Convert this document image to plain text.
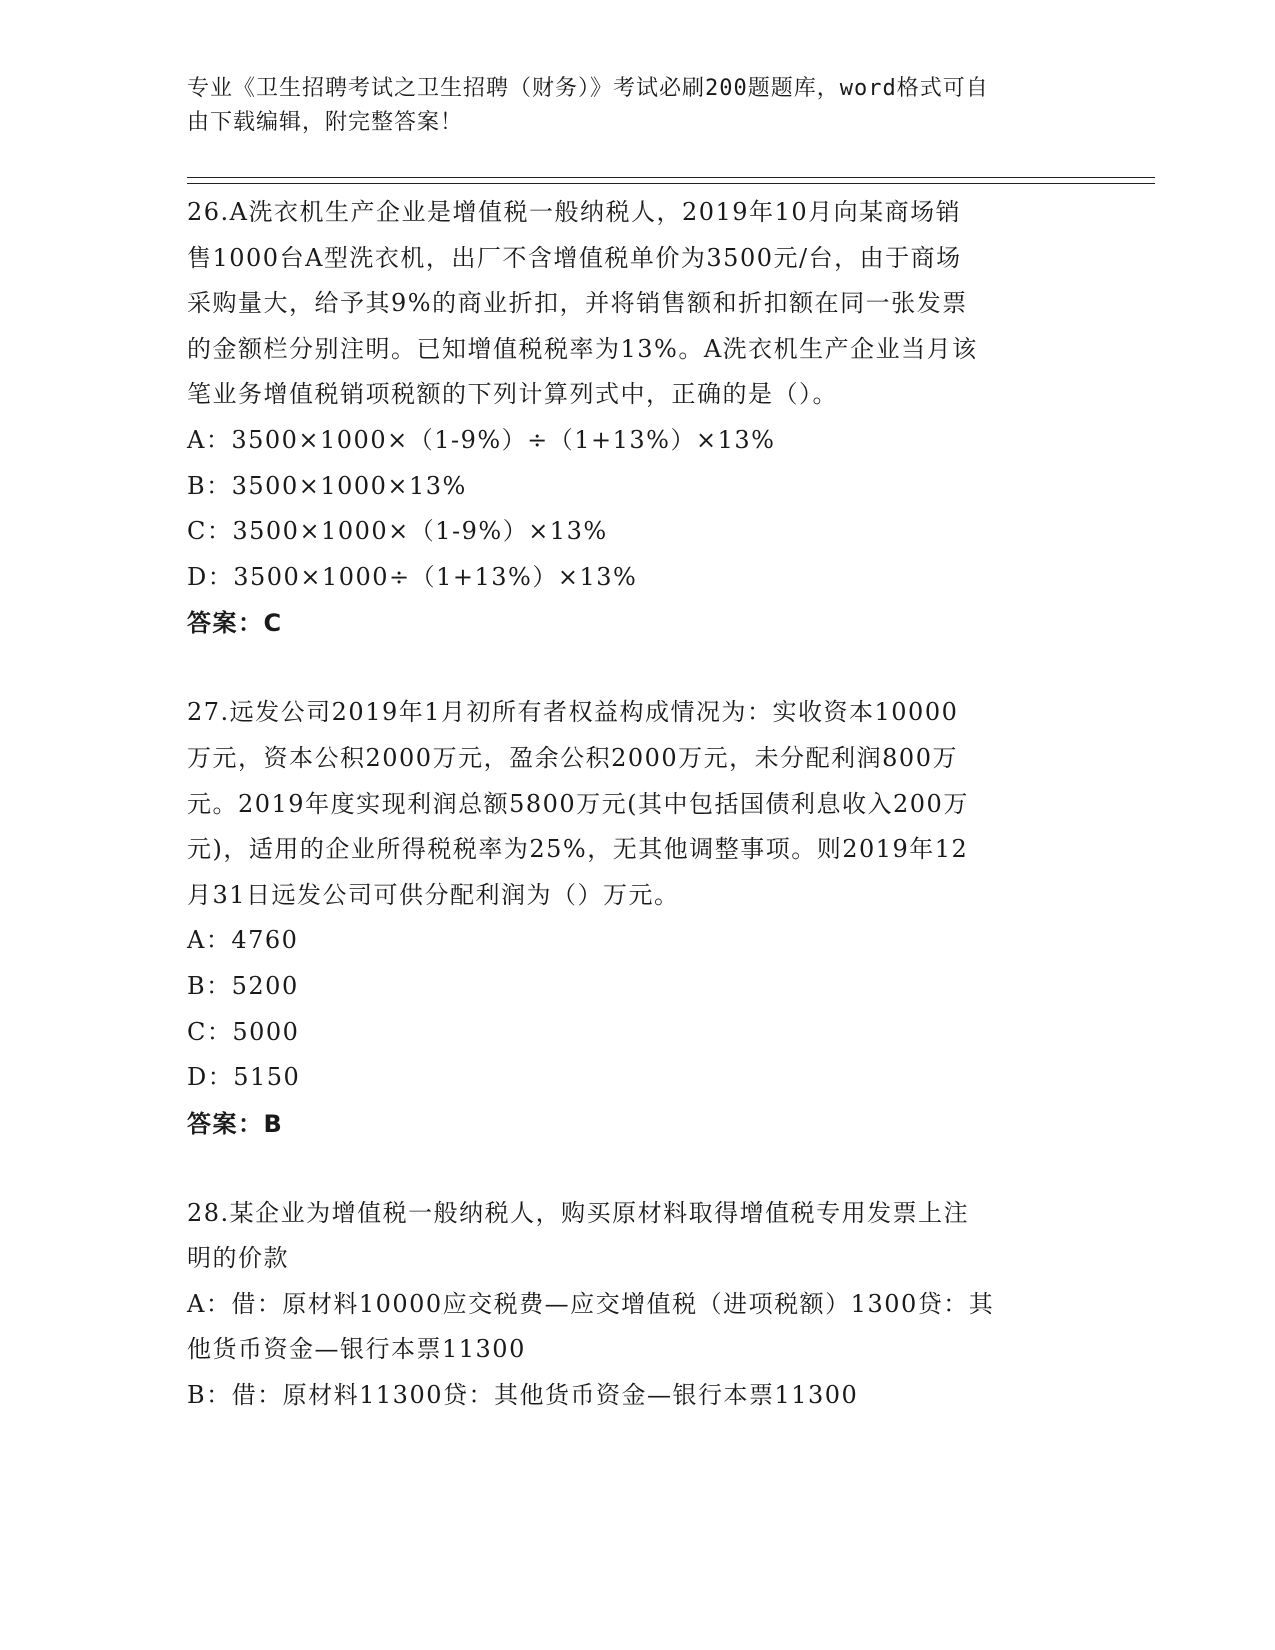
专业《卫生招聘考试之卫生招聘（财务）》考试必刷200题题库，word格式可自
由下载编辑，附完整答案！
26.A洗衣机生产企业是增值税一般纳税人，2019年10月向某商场销
售1000台A型洗衣机，出厂不含增值税单价为3500元/台，由于商场
采购量大，给予其9%的商业折扣，并将销售额和折扣额在同一张发票
的金额栏分别注明。已知增值税税率为13%。A洗衣机生产企业当月该
笔业务增值税销项税额的下列计算列式中，正确的是（）。
A：3500×1000×（1-9%）÷（1+13%）×13%
B：3500×1000×13%
C：3500×1000×（1-9%）×13%
D：3500×1000÷（1+13%）×13%
答案：C
27.远发公司2019年1月初所有者权益构成情况为：实收资本10000
万元，资本公积2000万元，盈余公积2000万元，未分配利润800万
元。2019年度实现利润总额5800万元(其中包括国债利息收入200万
元)，适用的企业所得税税率为25%，无其他调整事项。则2019年12
月31日远发公司可供分配利润为（）万元。
A：4760
B：5200
C：5000
D：5150
答案：B
28.某企业为增值税一般纳税人，购买原材料取得增值税专用发票上注
明的价款
A：借：原材料10000应交税费—应交增值税（进项税额）1300贷：其
他货币资金—银行本票11300
B：借：原材料11300贷：其他货币资金—银行本票11300
